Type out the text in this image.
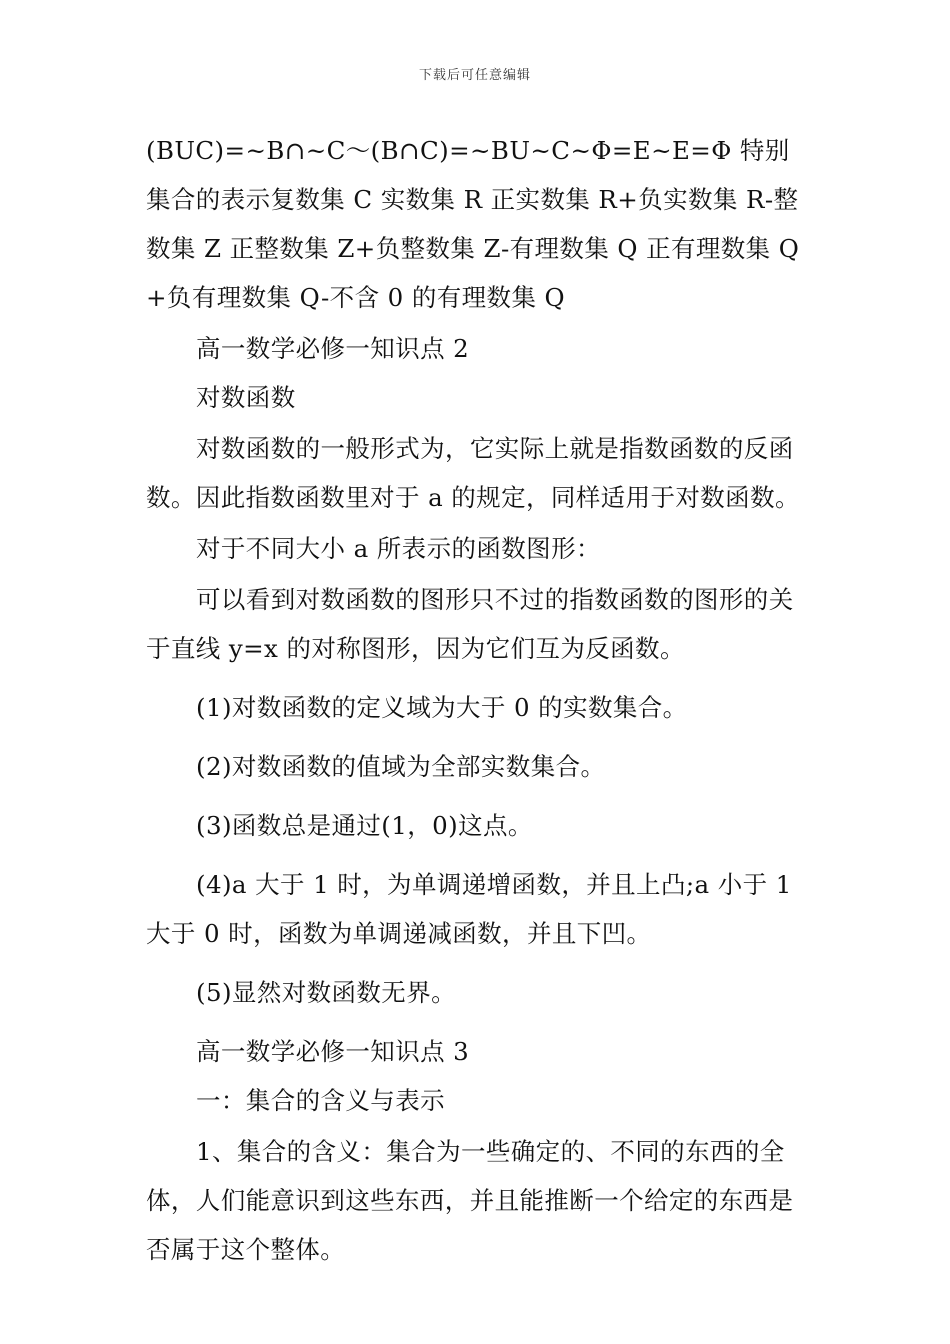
下载后可任意编辑

(BUC)=~B∩~C～(B∩C)=~BU~C~Φ=E~E=Φ 特别集合的表示复数集 C 实数集 R 正实数集 R+负实数集 R-整数集 Z 正整数集 Z+负整数集 Z-有理数集 Q 正有理数集 Q+负有理数集 Q-不含 0 的有理数集 Q

高一数学必修一知识点 2

对数函数

对数函数的一般形式为，它实际上就是指数函数的反函数。因此指数函数里对于 a 的规定，同样适用于对数函数。

对于不同大小 a 所表示的函数图形：

可以看到对数函数的图形只不过的指数函数的图形的关于直线 y=x 的对称图形，因为它们互为反函数。

(1)对数函数的定义域为大于 0 的实数集合。

(2)对数函数的值域为全部实数集合。

(3)函数总是通过(1，0)这点。

(4)a 大于 1 时，为单调递增函数，并且上凸;a 小于 1 大于 0 时，函数为单调递减函数，并且下凹。

(5)显然对数函数无界。

高一数学必修一知识点 3

一：集合的含义与表示

1、集合的含义：集合为一些确定的、不同的东西的全体，人们能意识到这些东西，并且能推断一个给定的东西是否属于这个整体。
